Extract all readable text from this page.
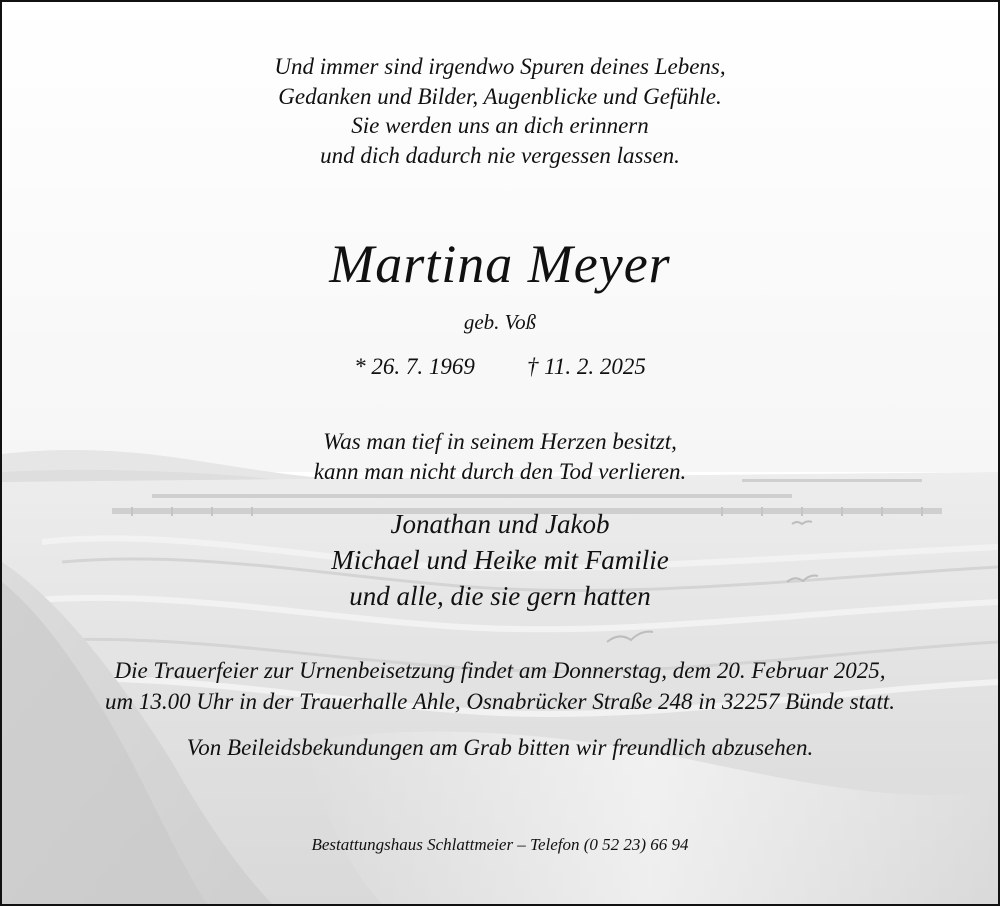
Und immer sind irgendwo Spuren deines Lebens,
Gedanken und Bilder, Augenblicke und Gefühle.
Sie werden uns an dich erinnern
und dich dadurch nie vergessen lassen.
Martina Meyer
geb. Voß
* 26. 7. 1969 † 11. 2. 2025
Was man tief in seinem Herzen besitzt,
kann man nicht durch den Tod verlieren.
Jonathan und Jakob
Michael und Heike mit Familie
und alle, die sie gern hatten
Die Trauerfeier zur Urnenbeisetzung findet am Donnerstag, dem 20. Februar 2025,
um 13.00 Uhr in der Trauerhalle Ahle, Osnabrücker Straße 248 in 32257 Bünde statt.
Von Beileidsbekundungen am Grab bitten wir freundlich abzusehen.
Bestattungshaus Schlattmeier – Telefon (0 52 23) 66 94
